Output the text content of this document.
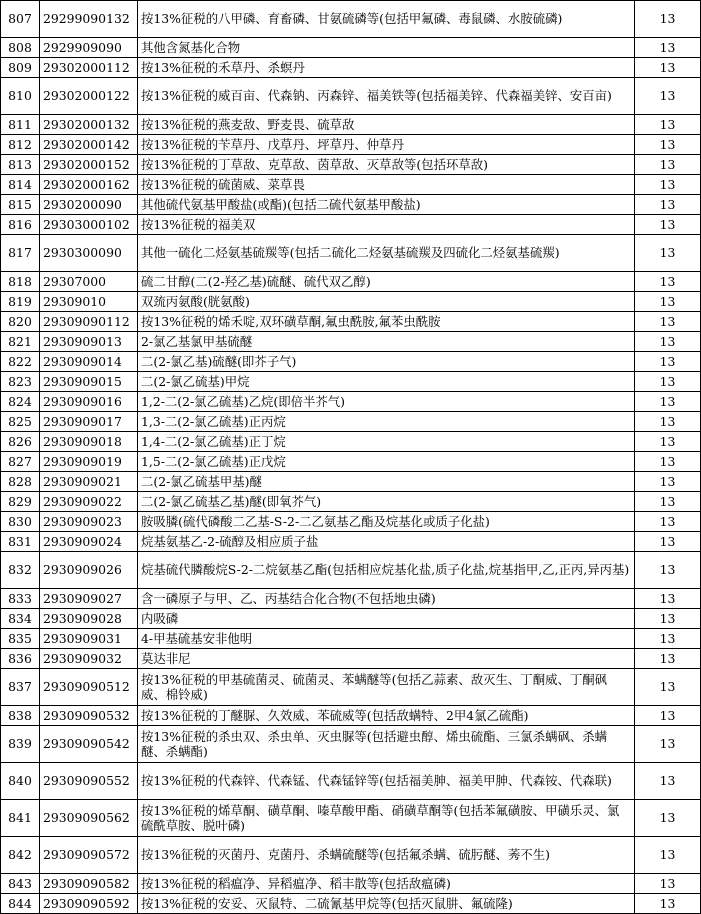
807	29299090132	按13%征税的八甲磷、育畜磷、甘氨硫磷等(包括甲氟磷、毒鼠磷、水胺硫磷)	13
808	2929909090	其他含氮基化合物	13
809	29302000112	按13%征税的禾草丹、杀螟丹	13
810	29302000122	按13%征税的威百亩、代森钠、丙森锌、福美铁等(包括福美锌、代森福美锌、安百亩)	13
811	29302000132	按13%征税的燕麦敌、野麦畏、硫草敌	13
812	29302000142	按13%征税的苄草丹、戊草丹、坪草丹、仲草丹	13
813	29302000152	按13%征税的丁草敌、克草敌、茵草敌、灭草敌等(包括环草敌)	13
814	29302000162	按13%征税的硫菌威、菜草畏	13
815	2930200090	其他硫代氨基甲酸盐(或酯)(包括二硫代氨基甲酸盐)	13
816	29303000102	按13%征税的福美双	13
817	2930300090	其他一硫化二烃氨基硫羰等(包括二硫化二烃氨基硫羰及四硫化二烃氨基硫羰)	13
818	29307000	硫二甘醇(二(2-羟乙基)硫醚、硫代双乙醇)	13
819	29309010	双巯丙氨酸(胱氨酸)	13
820	29309090112	按13%征税的烯禾啶,双环磺草酮,氟虫酰胺,氟苯虫酰胺	13
821	2930909013	2-氯乙基氯甲基硫醚	13
822	2930909014	二(2-氯乙基)硫醚(即芥子气)	13
823	2930909015	二(2-氯乙硫基)甲烷	13
824	2930909016	1,2-二(2-氯乙硫基)乙烷(即倍半芥气)	13
825	2930909017	1,3-二(2-氯乙硫基)正丙烷	13
826	2930909018	1,4-二(2-氯乙硫基)正丁烷	13
827	2930909019	1,5-二(2-氯乙硫基)正戊烷	13
828	2930909021	二(2-氯乙硫基甲基)醚	13
829	2930909022	二(2-氯乙硫基乙基)醚(即氧芥气)	13
830	2930909023	胺吸膦(硫代磷酸二乙基-S-2-二乙氨基乙酯及烷基化或质子化盐)	13
831	2930909024	烷基氨基乙-2-硫醇及相应质子盐	13
832	2930909026	烷基硫代膦酸烷S-2-二烷氨基乙酯(包括相应烷基化盐,质子化盐,烷基指甲,乙,正丙,异丙基)	13
833	2930909027	含一磷原子与甲、乙、丙基结合化合物(不包括地虫磷)	13
834	2930909028	内吸磷	13
835	2930909031	4-甲基硫基安非他明	13
836	2930909032	莫达非尼	13
837	29309090512	按13%征税的甲基硫菌灵、硫菌灵、苯螨醚等(包括乙蒜素、敌灭生、丁酮威、丁酮砜威、棉铃威)	13
838	29309090532	按13%征税的丁醚脲、久效威、苯硫威等(包括敌螨特、2甲4氯乙硫酯)	13
839	29309090542	按13%征税的杀虫双、杀虫单、灭虫脲等(包括避虫醇、烯虫硫酯、三氯杀螨砜、杀螨醚、杀螨酯)	13
840	29309090552	按13%征税的代森锌、代森锰、代森锰锌等(包括福美胂、福美甲胂、代森铵、代森联)	13
841	29309090562	按13%征税的烯草酮、磺草酮、嗪草酸甲酯、硝磺草酮等(包括苯氟磺胺、甲磺乐灵、氯硫酰草胺、脱叶磷)	13
842	29309090572	按13%征税的灭菌丹、克菌丹、杀螨硫醚等(包括氟杀螨、硫肟醚、莠不生)	13
843	29309090582	按13%征税的稻瘟净、异稻瘟净、稻丰散等(包括敌瘟磷)	13
844	29309090592	按13%征税的安妥、灭鼠特、二硫氰基甲烷等(包括灭鼠肼、氟硫隆)	13
